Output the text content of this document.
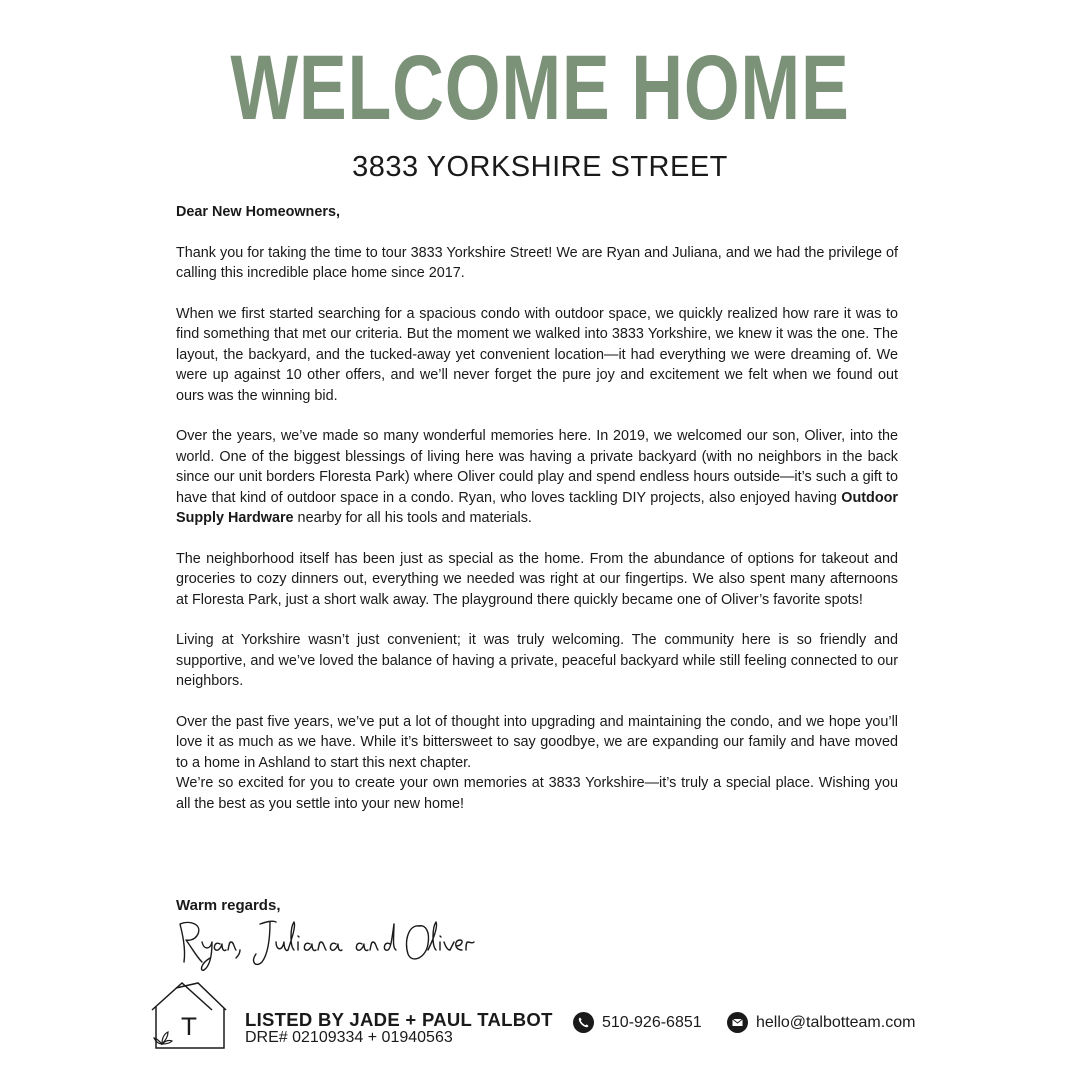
WELCOME HOME
3833 YORKSHIRE STREET

Dear New Homeowners,

Thank you for taking the time to tour 3833 Yorkshire Street! We are Ryan and Juliana, and we had the privilege of calling this incredible place home since 2017.

When we first started searching for a spacious condo with outdoor space, we quickly realized how rare it was to find something that met our criteria. But the moment we walked into 3833 Yorkshire, we knew it was the one. The layout, the backyard, and the tucked-away yet convenient location—it had everything we were dreaming of. We were up against 10 other offers, and we’ll never forget the pure joy and excitement we felt when we found out ours was the winning bid.

Over the years, we’ve made so many wonderful memories here. In 2019, we welcomed our son, Oliver, into the world. One of the biggest blessings of living here was having a private backyard (with no neighbors in the back since our unit borders Floresta Park) where Oliver could play and spend endless hours outside—it’s such a gift to have that kind of outdoor space in a condo. Ryan, who loves tackling DIY projects, also enjoyed having Outdoor Supply Hardware nearby for all his tools and materials.

The neighborhood itself has been just as special as the home. From the abundance of options for takeout and groceries to cozy dinners out, everything we needed was right at our fingertips. We also spent many afternoons at Floresta Park, just a short walk away. The playground there quickly became one of Oliver’s favorite spots!

Living at Yorkshire wasn’t just convenient; it was truly welcoming. The community here is so friendly and supportive, and we’ve loved the balance of having a private, peaceful backyard while still feeling connected to our neighbors.

Over the past five years, we’ve put a lot of thought into upgrading and maintaining the condo, and we hope you’ll love it as much as we have. While it’s bittersweet to say goodbye, we are expanding our family and have moved to a home in Ashland to start this next chapter.

We’re so excited for you to create your own memories at 3833 Yorkshire—it’s truly a special place. Wishing you all the best as you settle into your new home!

Warm regards,
T	LISTED BY JADE + PAUL TALBOT
DRE# 02109334 + 01940563
510-926-6851	hello@talbotteam.com
